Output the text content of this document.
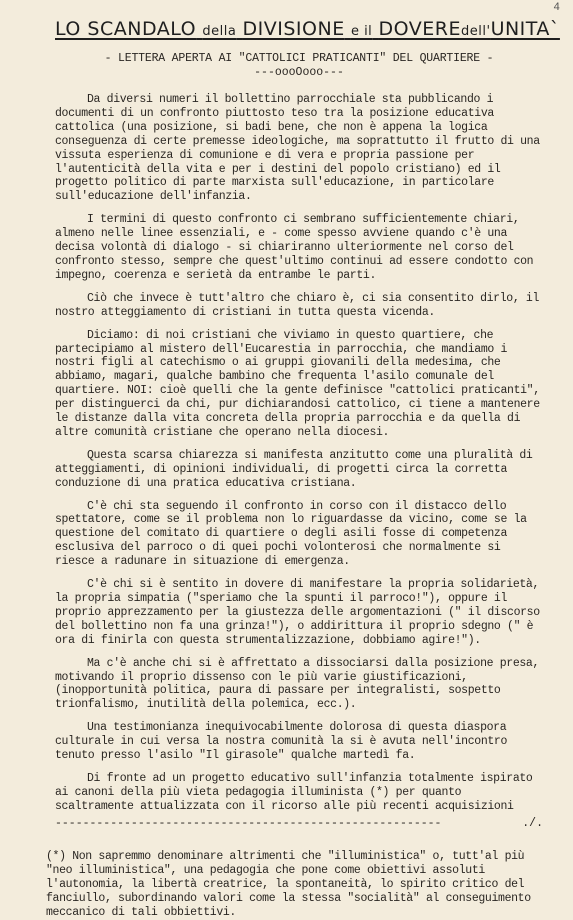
4
LO SCANDALO della DIVISIONE e il DOVEREdell'UNITA`
- LETTERA APERTA AI "CATTOLICI PRATICANTI" DEL QUARTIERE -
---oooOooo---

Da diversi numeri il bollettino parrocchiale sta pubblicando i documenti di un confronto piuttosto teso tra la posizione educativa cattolica (una posizione, si badi bene, che non è appena la logica conseguenza di certe premesse ideologiche, ma soprattutto il frutto di una vissuta esperienza di comunione e di vera e propria passione per l'autenticità della vita e per i destini del popolo cristiano) ed il progetto politico di parte marxista sull'educazione, in particolare sull'educazione dell'infanzia.

I termini di questo confronto ci sembrano sufficientemente chiari, almeno nelle linee essenziali, e - come spesso avviene quando c'è una decisa volontà di dialogo - si chiariranno ulteriormente nel corso del confronto stesso, sempre che quest'ultimo continui ad essere condotto con impegno, coerenza e serietà da entrambe le parti.

Ciò che invece è tutt'altro che chiaro è, ci sia consentito dirlo, il nostro atteggiamento di cristiani in tutta questa vicenda.

Diciamo: di noi cristiani che viviamo in questo quartiere, che partecipiamo al mistero dell'Eucarestia in parrocchia, che mandiamo i nostri figli al catechismo o ai gruppi giovanili della medesima, che abbiamo, magari, qualche bambino che frequenta l'asilo comunale del quartiere. NOI: cioè quelli che la gente definisce "cattolici praticanti", per distinguerci da chi, pur dichiarandosi cattolico, ci tiene a mantenere le distanze dalla vita concreta della propria parrocchia e da quella di altre comunità cristiane che operano nella diocesi.

Questa scarsa chiarezza si manifesta anzitutto come una pluralità di atteggiamenti, di opinioni individuali, di progetti circa la corretta conduzione di una pratica educativa cristiana.

C'è chi sta seguendo il confronto in corso con il distacco dello spettatore, come se il problema non lo riguardasse da vicino, come se la questione del comitato di quartiere o degli asili fosse di competenza esclusiva del parroco o di quei pochi volonterosi che normalmente si riesce a radunare in situazione di emergenza.

C'è chi si è sentito in dovere di manifestare la propria solidarietà, la propria simpatia ("speriamo che la spunti il parroco!"), oppure il proprio apprezzamento per la giustezza delle argomentazioni (" il discorso del bollettino non fa una grinza!"), o addirittura il proprio sdegno (" è ora di finirla con questa strumentalizzazione, dobbiamo agire!").

Ma c'è anche chi si è affrettato a dissociarsi dalla posizione presa, motivando il proprio dissenso con le più varie giustificazioni, (inopportunità politica, paura di passare per integralisti, sospetto trionfalismo, inutilità della polemica, ecc.).

Una testimonianza inequivocabilmente dolorosa di questa diaspora culturale in cui versa la nostra comunità la si è avuta nell'incontro tenuto presso l'asilo "Il girasole" qualche martedì fa.

Di fronte ad un progetto educativo sull'infanzia totalmente ispirato ai canoni della più vieta pedagogia illuminista (*) per quanto scaltramente attualizzata con il ricorso alle più recenti acquisizioni

--------------------------------------------------------	./.

(*) Non sapremmo denominare altrimenti che "illuministica" o, tutt'al più "neo illuministica", una pedagogia che pone come obiettivi assoluti l'autonomia, la libertà creatrice, la spontaneità, lo spirito critico del fanciullo, subordinando valori come la stessa "socialità" al conseguimento meccanico di tali obbiettivi.
